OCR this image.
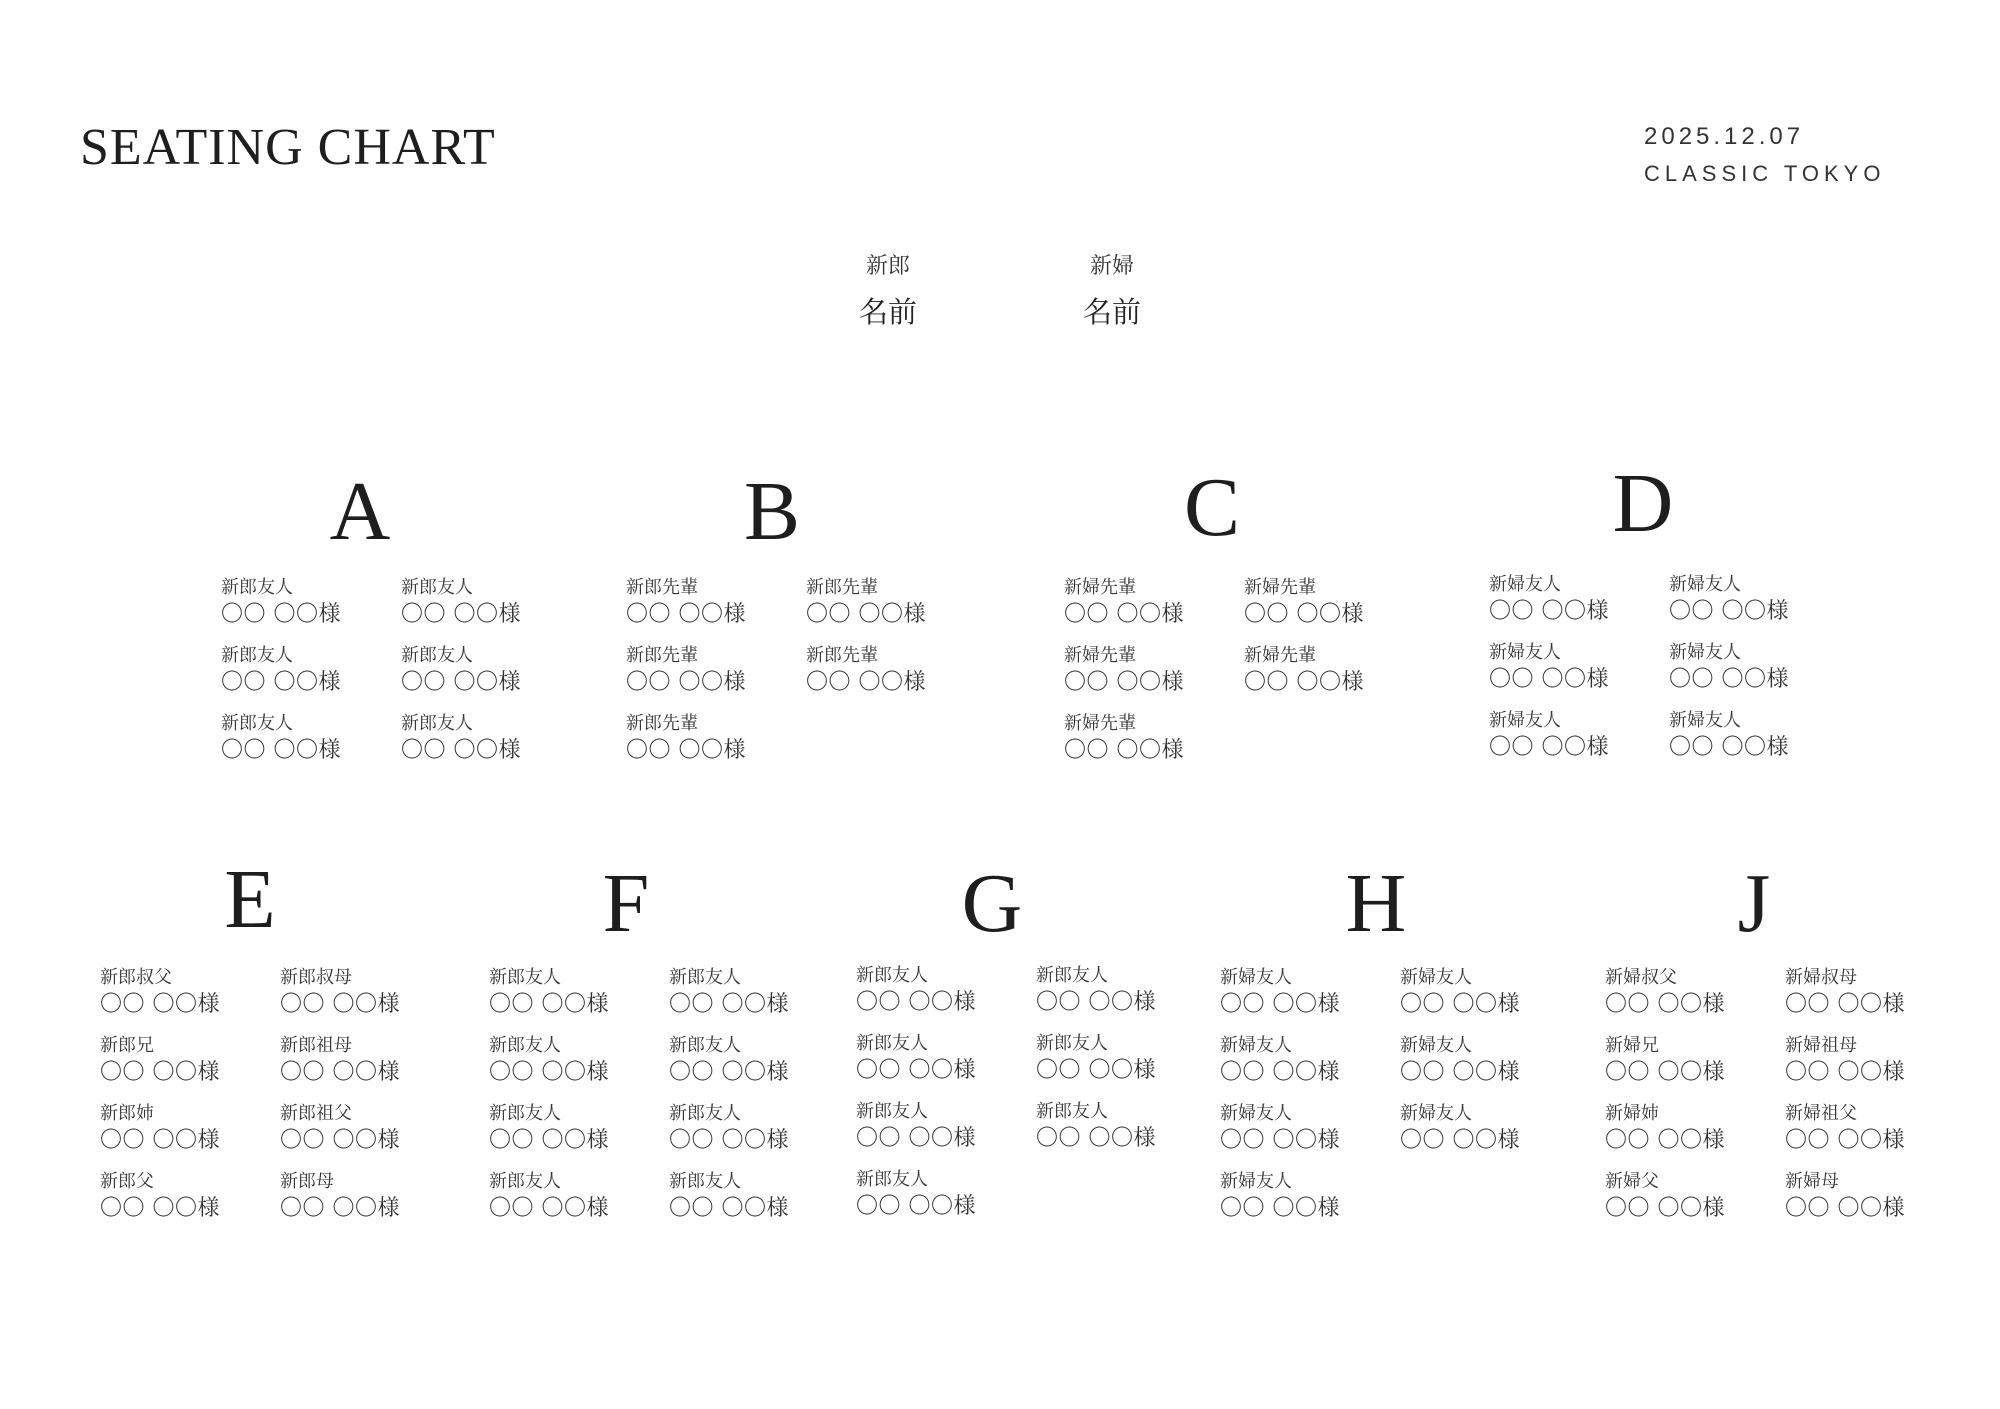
SEATING CHART	2025.12.07
CLASSIC TOKYO
新郎
名前
新婦
名前
A
新郎友人
〇〇 〇〇様
新郎友人
〇〇 〇〇様
新郎友人
〇〇 〇〇様
新郎友人
〇〇 〇〇様
新郎友人
〇〇 〇〇様
新郎友人
〇〇 〇〇様
B
新郎先輩
〇〇 〇〇様
新郎先輩
〇〇 〇〇様
新郎先輩
〇〇 〇〇様
新郎先輩
〇〇 〇〇様
新郎先輩
〇〇 〇〇様
C
新婦先輩
〇〇 〇〇様
新婦先輩
〇〇 〇〇様
新婦先輩
〇〇 〇〇様
新婦先輩
〇〇 〇〇様
新婦先輩
〇〇 〇〇様
D
新婦友人
〇〇 〇〇様
新婦友人
〇〇 〇〇様
新婦友人
〇〇 〇〇様
新婦友人
〇〇 〇〇様
新婦友人
〇〇 〇〇様
新婦友人
〇〇 〇〇様
E
新郎叔父
〇〇 〇〇様
新郎叔母
〇〇 〇〇様
新郎兄
〇〇 〇〇様
新郎祖母
〇〇 〇〇様
新郎姉
〇〇 〇〇様
新郎祖父
〇〇 〇〇様
新郎父
〇〇 〇〇様
新郎母
〇〇 〇〇様
F
新郎友人
〇〇 〇〇様
新郎友人
〇〇 〇〇様
新郎友人
〇〇 〇〇様
新郎友人
〇〇 〇〇様
新郎友人
〇〇 〇〇様
新郎友人
〇〇 〇〇様
新郎友人
〇〇 〇〇様
新郎友人
〇〇 〇〇様
G
新郎友人
〇〇 〇〇様
新郎友人
〇〇 〇〇様
新郎友人
〇〇 〇〇様
新郎友人
〇〇 〇〇様
新郎友人
〇〇 〇〇様
新郎友人
〇〇 〇〇様
新郎友人
〇〇 〇〇様
H
新婦友人
〇〇 〇〇様
新婦友人
〇〇 〇〇様
新婦友人
〇〇 〇〇様
新婦友人
〇〇 〇〇様
新婦友人
〇〇 〇〇様
新婦友人
〇〇 〇〇様
新婦友人
〇〇 〇〇様
J
新婦叔父
〇〇 〇〇様
新婦叔母
〇〇 〇〇様
新婦兄
〇〇 〇〇様
新婦祖母
〇〇 〇〇様
新婦姉
〇〇 〇〇様
新婦祖父
〇〇 〇〇様
新婦父
〇〇 〇〇様
新婦母
〇〇 〇〇様
